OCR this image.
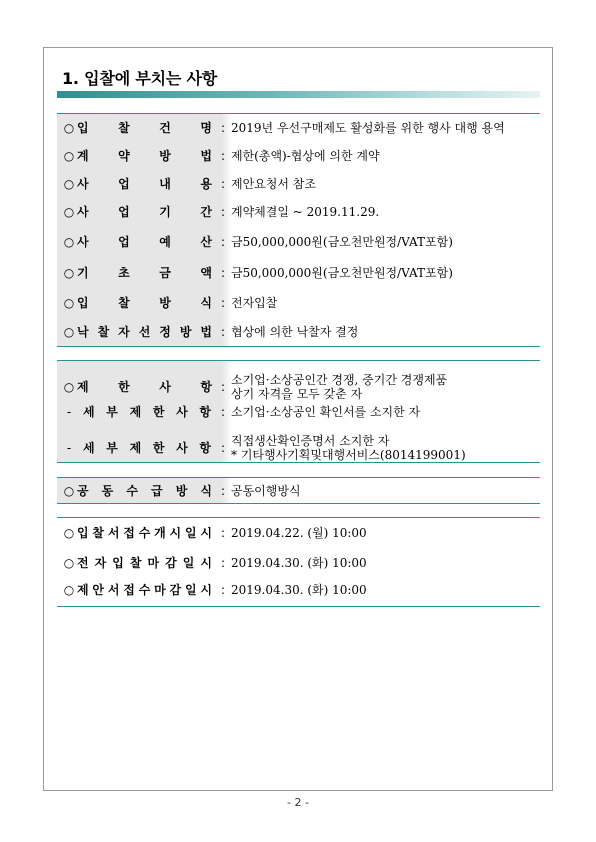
1. 입찰에 부치는 사항
○ 입 찰 건 명 : 2019년 우선구매제도 활성화를 위한 행사 대행 용역
○ 계 약 방 법 : 제한(총액)-협상에 의한 계약
○ 사 업 내 용 : 제안요청서 참조
○ 사 업 기 간 : 계약체결일 ~ 2019.11.29.
○ 사 업 예 산 : 금50,000,000원(금오천만원정/VAT포함)
○ 기 초 금 액 : 금50,000,000원(금오천만원정/VAT포함)
○ 입 찰 방 식 : 전자입찰
○ 낙 찰 자 선 정 방 법 : 협상에 의한 낙찰자 결정
○ 제 한 사 항 : 소기업·소상공인간 경쟁, 중기간 경쟁제품
상기 자격을 모두 갖춘 자
- 세 부 제 한 사 항 : 소기업·소상공인 확인서를 소지한 자
- 세 부 제 한 사 항 : 직접생산확인증명서 소지한 자
* 기타행사기획및대행서비스(8014199001)
○ 공 동 수 급 방 식 : 공동이행방식
○ 입 찰 서 접 수 개 시 일 시 : 2019.04.22. (월) 10:00
○ 전 자 입 찰 마 감 일 시 : 2019.04.30. (화) 10:00
○ 제 안 서 접 수 마 감 일 시 : 2019.04.30. (화) 10:00
- 2 -
